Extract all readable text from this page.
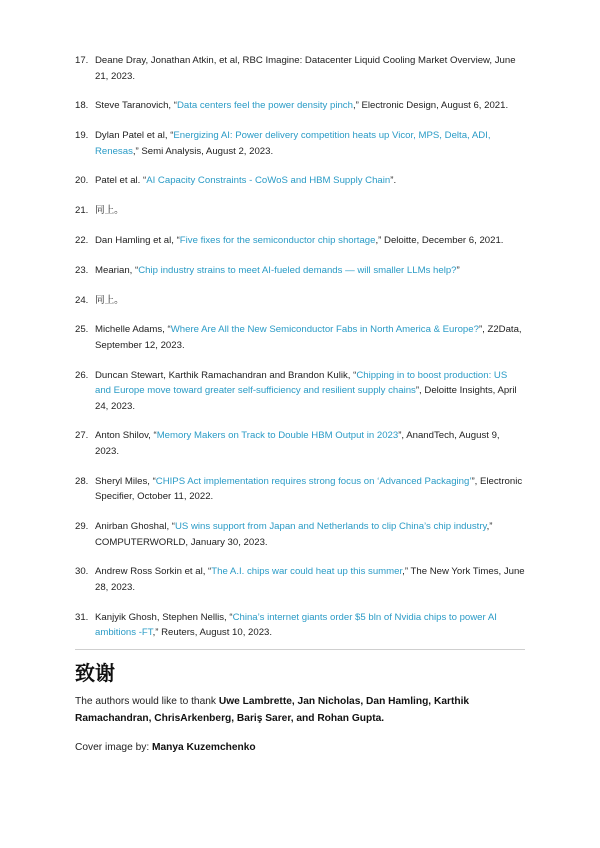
17. Deane Dray, Jonathan Atkin, et al, RBC Imagine: Datacenter Liquid Cooling Market Overview, June 21, 2023.
18. Steve Taranovich, “Data centers feel the power density pinch,” Electronic Design, August 6, 2021.
19. Dylan Patel et al, “Energizing AI: Power delivery competition heats up Vicor, MPS, Delta, ADI, Renesas,” Semi Analysis, August 2, 2023.
20. Patel et al. “AI Capacity Constraints - CoWoS and HBM Supply Chain”.
21. 同上。
22. Dan Hamling et al, “Five fixes for the semiconductor chip shortage,” Deloitte, December 6, 2021.
23. Mearian, “Chip industry strains to meet AI-fueled demands — will smaller LLMs help?”
24. 同上。
25. Michelle Adams, “Where Are All the New Semiconductor Fabs in North America & Europe?”, Z2Data, September 12, 2023.
26. Duncan Stewart, Karthik Ramachandran and Brandon Kulik, “Chipping in to boost production: US and Europe move toward greater self-sufficiency and resilient supply chains”, Deloitte Insights, April 24, 2023.
27. Anton Shilov, “Memory Makers on Track to Double HBM Output in 2023”, AnandTech, August 9, 2023.
28. Sheryl Miles, “CHIPS Act implementation requires strong focus on ‘Advanced Packaging’”, Electronic Specifier, October 11, 2022.
29. Anirban Ghoshal, “US wins support from Japan and Netherlands to clip China’s chip industry,” COMPUTERWORLD, January 30, 2023.
30. Andrew Ross Sorkin et al, “The A.I. chips war could heat up this summer,” The New York Times, June 28, 2023.
31. Kanjyik Ghosh, Stephen Nellis, “China’s internet giants order $5 bln of Nvidia chips to power AI ambitions -FT,” Reuters, August 10, 2023.
致谢

The authors would like to thank Uwe Lambrette, Jan Nicholas, Dan Hamling, Karthik Ramachandran, ChrisArkenberg, Bariş Sarer, and Rohan Gupta.

Cover image by: Manya Kuzemchenko
